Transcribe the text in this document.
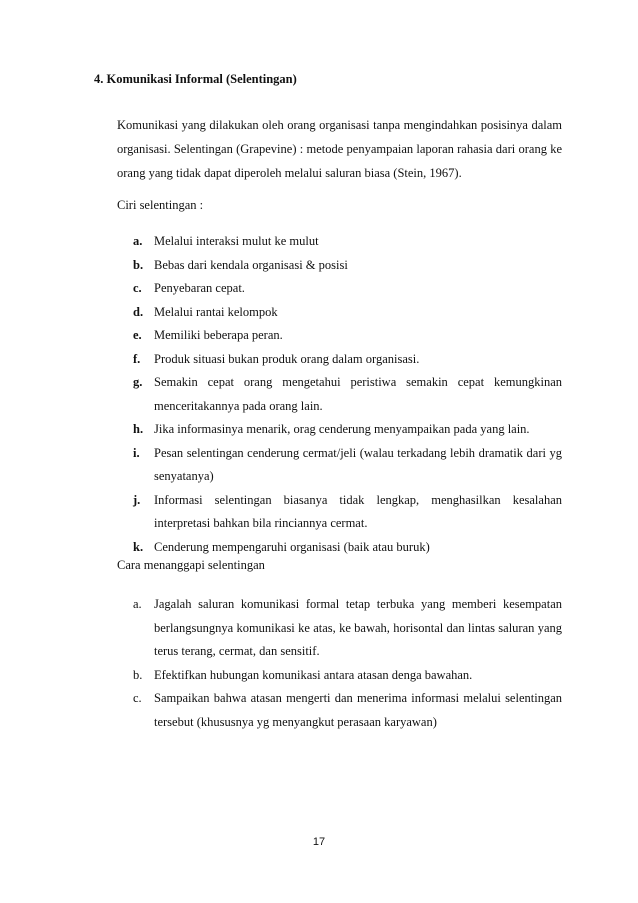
4. Komunikasi Informal (Selentingan)
Komunikasi yang dilakukan oleh orang organisasi tanpa mengindahkan posisinya dalam organisasi. Selentingan (Grapevine) : metode penyampaian laporan rahasia dari orang ke orang yang tidak dapat diperoleh melalui saluran biasa (Stein, 1967).
Ciri selentingan :
a. Melalui interaksi mulut ke mulut
b. Bebas dari kendala organisasi & posisi
c. Penyebaran cepat.
d. Melalui rantai kelompok
e. Memiliki beberapa peran.
f. Produk situasi bukan produk orang dalam organisasi.
g. Semakin cepat orang mengetahui peristiwa semakin cepat kemungkinan menceritakannya pada orang lain.
h. Jika informasinya menarik, orag cenderung menyampaikan pada yang lain.
i. Pesan selentingan cenderung cermat/jeli (walau terkadang lebih dramatik dari yg senyatanya)
j. Informasi selentingan biasanya tidak lengkap, menghasilkan kesalahan interpretasi bahkan bila rinciannya cermat.
k. Cenderung mempengaruhi organisasi (baik atau buruk)
Cara menanggapi selentingan
a. Jagalah saluran komunikasi formal tetap terbuka yang memberi kesempatan berlangsungnya komunikasi ke atas, ke bawah, horisontal dan lintas saluran yang terus terang, cermat, dan sensitif.
b. Efektifkan hubungan komunikasi antara atasan denga bawahan.
c. Sampaikan bahwa atasan mengerti dan menerima informasi melalui selentingan tersebut (khususnya yg menyangkut perasaan karyawan)
17
